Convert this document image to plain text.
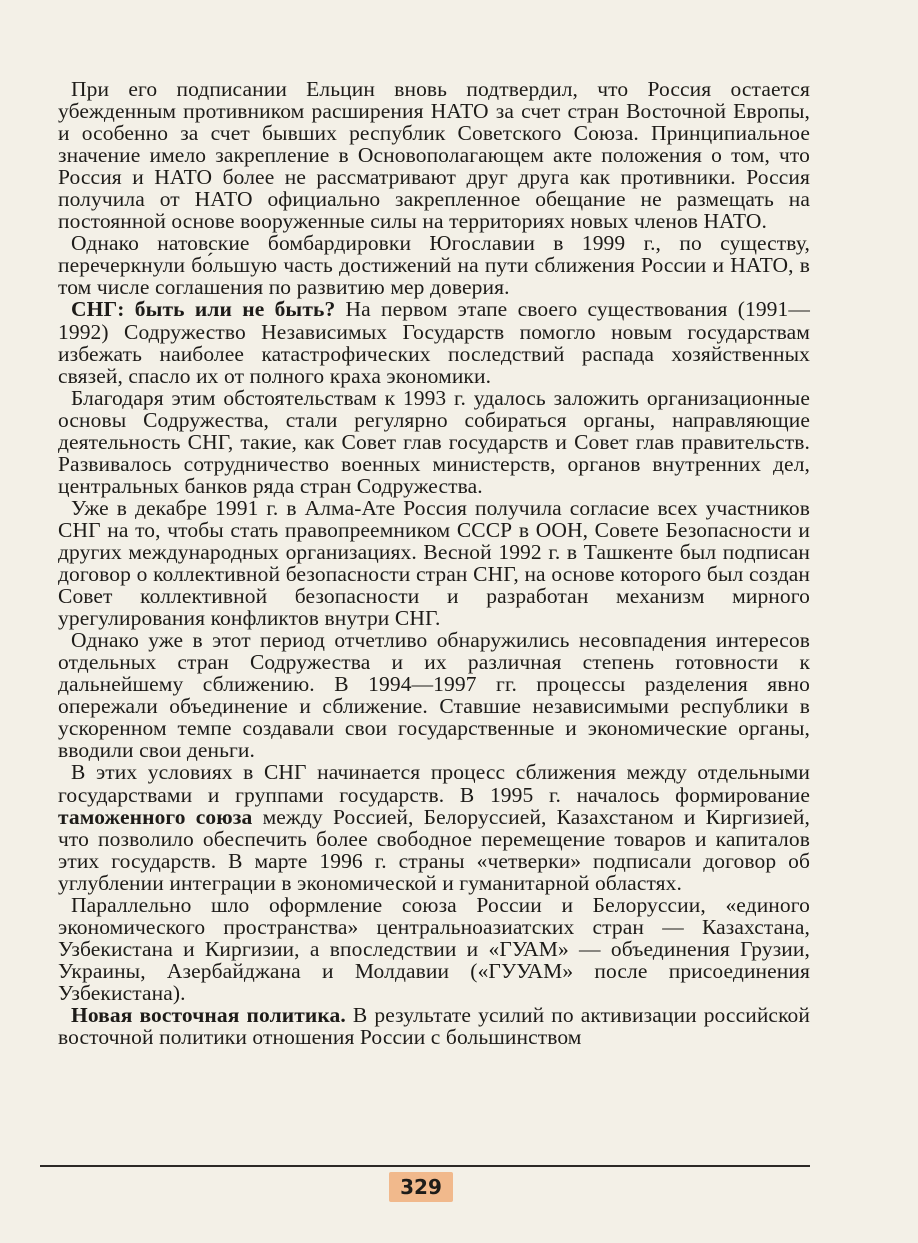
При его подписании Ельцин вновь подтвердил, что Россия остается убежденным противником расширения НАТО за счет стран Восточной Европы, и особенно за счет бывших республик Советского Союза. Принципиальное значение имело закрепление в Основополагающем акте положения о том, что Россия и НАТО более не рассматривают друг друга как противники. Россия получила от НАТО официально закрепленное обещание не размещать на постоянной основе вооруженные силы на территориях новых членов НАТО.

Однако натовские бомбардировки Югославии в 1999 г., по существу, перечеркнули бо́льшую часть достижений на пути сближения России и НАТО, в том числе соглашения по развитию мер доверия.

СНГ: быть или не быть? На первом этапе своего существования (1991—1992) Содружество Независимых Государств помогло новым государствам избежать наиболее катастрофических последствий распада хозяйственных связей, спасло их от полного краха экономики.

Благодаря этим обстоятельствам к 1993 г. удалось заложить организационные основы Содружества, стали регулярно собираться органы, направляющие деятельность СНГ, такие, как Совет глав государств и Совет глав правительств. Развивалось сотрудничество военных министерств, органов внутренних дел, центральных банков ряда стран Содружества.

Уже в декабре 1991 г. в Алма-Ате Россия получила согласие всех участников СНГ на то, чтобы стать правопреемником СССР в ООН, Совете Безопасности и других международных организациях. Весной 1992 г. в Ташкенте был подписан договор о коллективной безопасности стран СНГ, на основе которого был создан Совет коллективной безопасности и разработан механизм мирного урегулирования конфликтов внутри СНГ.

Однако уже в этот период отчетливо обнаружились несовпадения интересов отдельных стран Содружества и их различная степень готовности к дальнейшему сближению. В 1994—1997 гг. процессы разделения явно опережали объединение и сближение. Ставшие независимыми республики в ускоренном темпе создавали свои государственные и экономические органы, вводили свои деньги.

В этих условиях в СНГ начинается процесс сближения между отдельными государствами и группами государств. В 1995 г. началось формирование таможенного союза между Россией, Белоруссией, Казахстаном и Киргизией, что позволило обеспечить более свободное перемещение товаров и капиталов этих государств. В марте 1996 г. страны «четверки» подписали договор об углублении интеграции в экономической и гуманитарной областях.

Параллельно шло оформление союза России и Белоруссии, «единого экономического пространства» центральноазиатских стран — Казахстана, Узбекистана и Киргизии, а впоследствии и «ГУАМ» — объединения Грузии, Украины, Азербайджана и Молдавии («ГУУАМ» после присоединения Узбекистана).

Новая восточная политика. В результате усилий по активизации российской восточной политики отношения России с большинством

329
